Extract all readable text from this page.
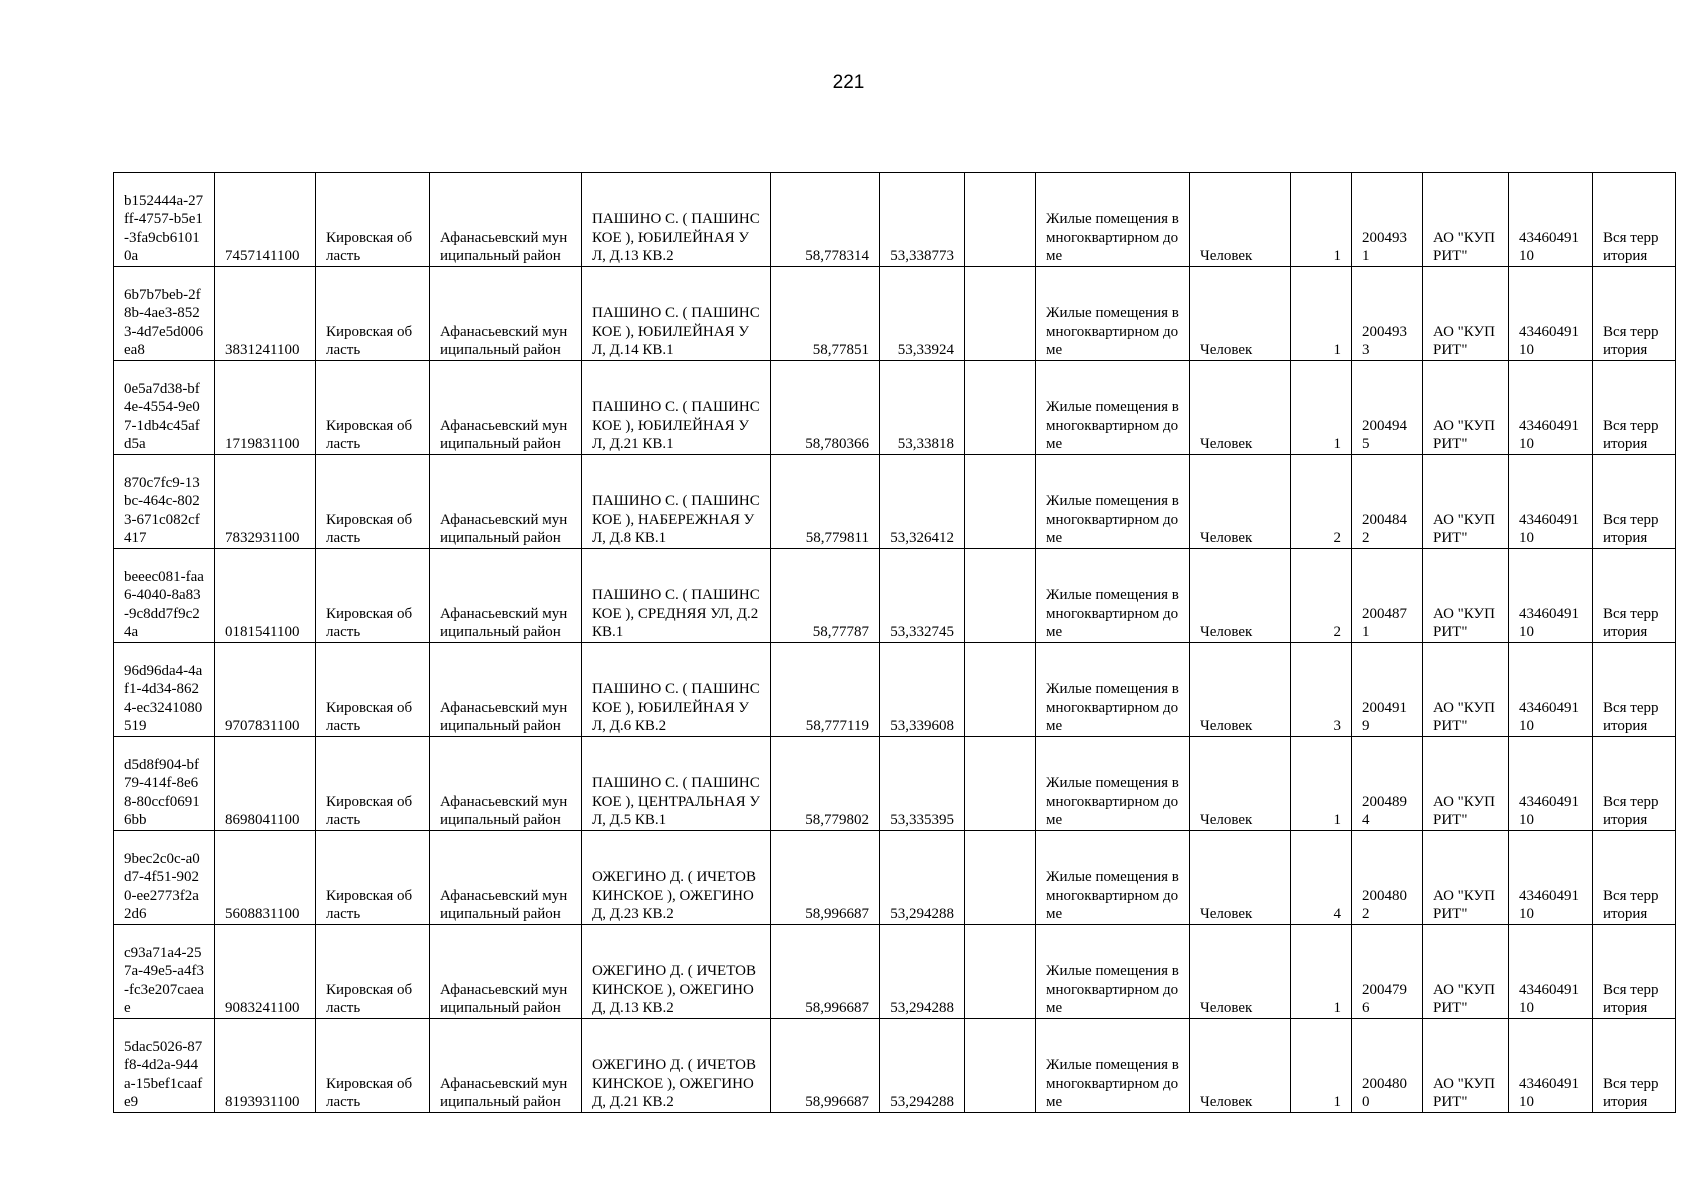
221
b152444a-27ff-4757-b5e1-3fa9cb61010a	7457141100	Кировская область	Афанасьевский муниципальный район	ПАШИНО С. ( ПАШИНСКОЕ ), ЮБИЛЕЙНАЯ УЛ, Д.13 КВ.2	58,778314	53,338773		Жилые помещения в многоквартирном доме	Человек	1	2004931	АО "КУПРИТ"	4346049110	Вся территория
6b7b7beb-2f8b-4ae3-8523-4d7e5d006ea8	3831241100	Кировская область	Афанасьевский муниципальный район	ПАШИНО С. ( ПАШИНСКОЕ ), ЮБИЛЕЙНАЯ УЛ, Д.14 КВ.1	58,77851	53,33924		Жилые помещения в многоквартирном доме	Человек	1	2004933	АО "КУПРИТ"	4346049110	Вся территория
0e5a7d38-bf4e-4554-9e07-1db4c45afd5a	1719831100	Кировская область	Афанасьевский муниципальный район	ПАШИНО С. ( ПАШИНСКОЕ ), ЮБИЛЕЙНАЯ УЛ, Д.21 КВ.1	58,780366	53,33818		Жилые помещения в многоквартирном доме	Человек	1	2004945	АО "КУПРИТ"	4346049110	Вся территория
870c7fc9-13bc-464c-8023-671c082cf417	7832931100	Кировская область	Афанасьевский муниципальный район	ПАШИНО С. ( ПАШИНСКОЕ ), НАБЕРЕЖНАЯ УЛ, Д.8 КВ.1	58,779811	53,326412		Жилые помещения в многоквартирном доме	Человек	2	2004842	АО "КУПРИТ"	4346049110	Вся территория
beeec081-faa6-4040-8a83-9c8dd7f9c24a	0181541100	Кировская область	Афанасьевский муниципальный район	ПАШИНО С. ( ПАШИНСКОЕ ), СРЕДНЯЯ УЛ, Д.2 КВ.1	58,77787	53,332745		Жилые помещения в многоквартирном доме	Человек	2	2004871	АО "КУПРИТ"	4346049110	Вся территория
96d96da4-4af1-4d34-8624-ec3241080519	9707831100	Кировская область	Афанасьевский муниципальный район	ПАШИНО С. ( ПАШИНСКОЕ ), ЮБИЛЕЙНАЯ УЛ, Д.6 КВ.2	58,777119	53,339608		Жилые помещения в многоквартирном доме	Человек	3	2004919	АО "КУПРИТ"	4346049110	Вся территория
d5d8f904-bf79-414f-8e68-80ccf06916bb	8698041100	Кировская область	Афанасьевский муниципальный район	ПАШИНО С. ( ПАШИНСКОЕ ), ЦЕНТРАЛЬНАЯ УЛ, Д.5 КВ.1	58,779802	53,335395		Жилые помещения в многоквартирном доме	Человек	1	2004894	АО "КУПРИТ"	4346049110	Вся территория
9bec2c0c-a0d7-4f51-9020-ee2773f2a2d6	5608831100	Кировская область	Афанасьевский муниципальный район	ОЖЕГИНО Д. ( ИЧЕТОВКИНСКОЕ ), ОЖЕГИНО Д, Д.23 КВ.2	58,996687	53,294288		Жилые помещения в многоквартирном доме	Человек	4	2004802	АО "КУПРИТ"	4346049110	Вся территория
c93a71a4-257a-49e5-a4f3-fc3e207caeae	9083241100	Кировская область	Афанасьевский муниципальный район	ОЖЕГИНО Д. ( ИЧЕТОВКИНСКОЕ ), ОЖЕГИНО Д, Д.13 КВ.2	58,996687	53,294288		Жилые помещения в многоквартирном доме	Человек	1	2004796	АО "КУПРИТ"	4346049110	Вся территория
5dac5026-87f8-4d2a-944a-15bef1caafe9	8193931100	Кировская область	Афанасьевский муниципальный район	ОЖЕГИНО Д. ( ИЧЕТОВКИНСКОЕ ), ОЖЕГИНО Д, Д.21 КВ.2	58,996687	53,294288		Жилые помещения в многоквартирном доме	Человек	1	2004800	АО "КУПРИТ"	4346049110	Вся территория
